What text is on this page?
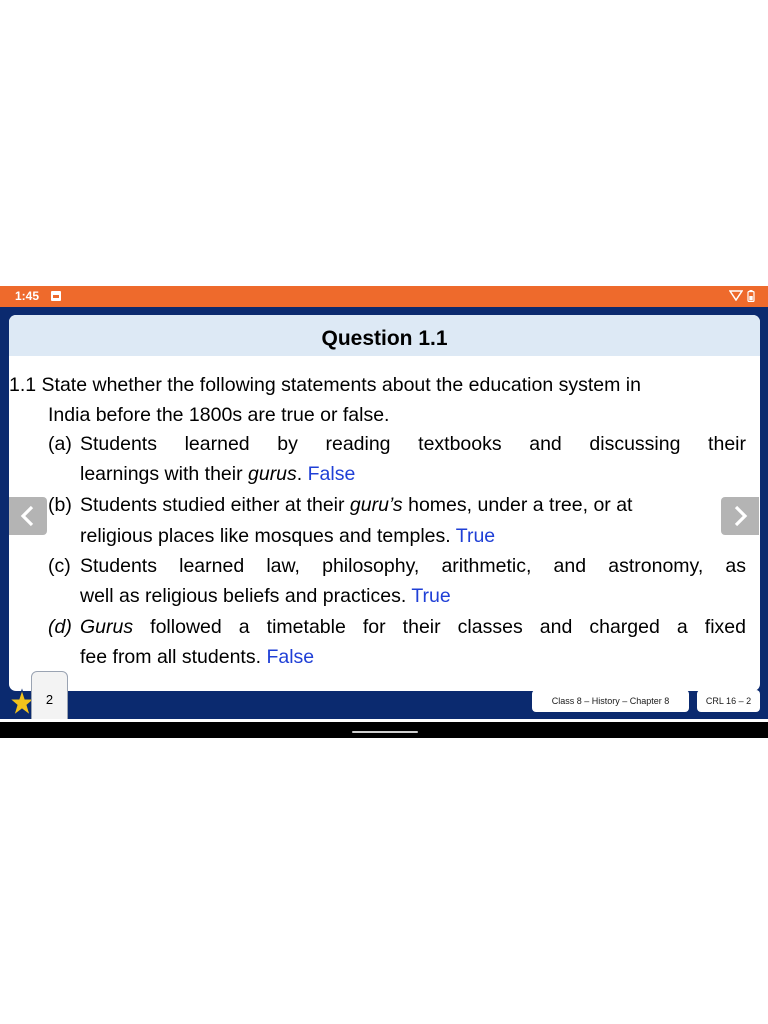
1:45
Question 1.1
1.1 State whether the following statements about the education system in
India before the 1800s are true or false.
(a) Students learned by reading textbooks and discussing their
learnings with their gurus. False
(b) Students studied either at their guru’s homes, under a tree, or at
religious places like mosques and temples. True
(c) Students learned law, philosophy, arithmetic, and astronomy, as
well as religious beliefs and practices. True
(d) Gurus followed a timetable for their classes and charged a fixed
fee from all students. False
2	Class 8 – History – Chapter 8	CRL 16 – 2
